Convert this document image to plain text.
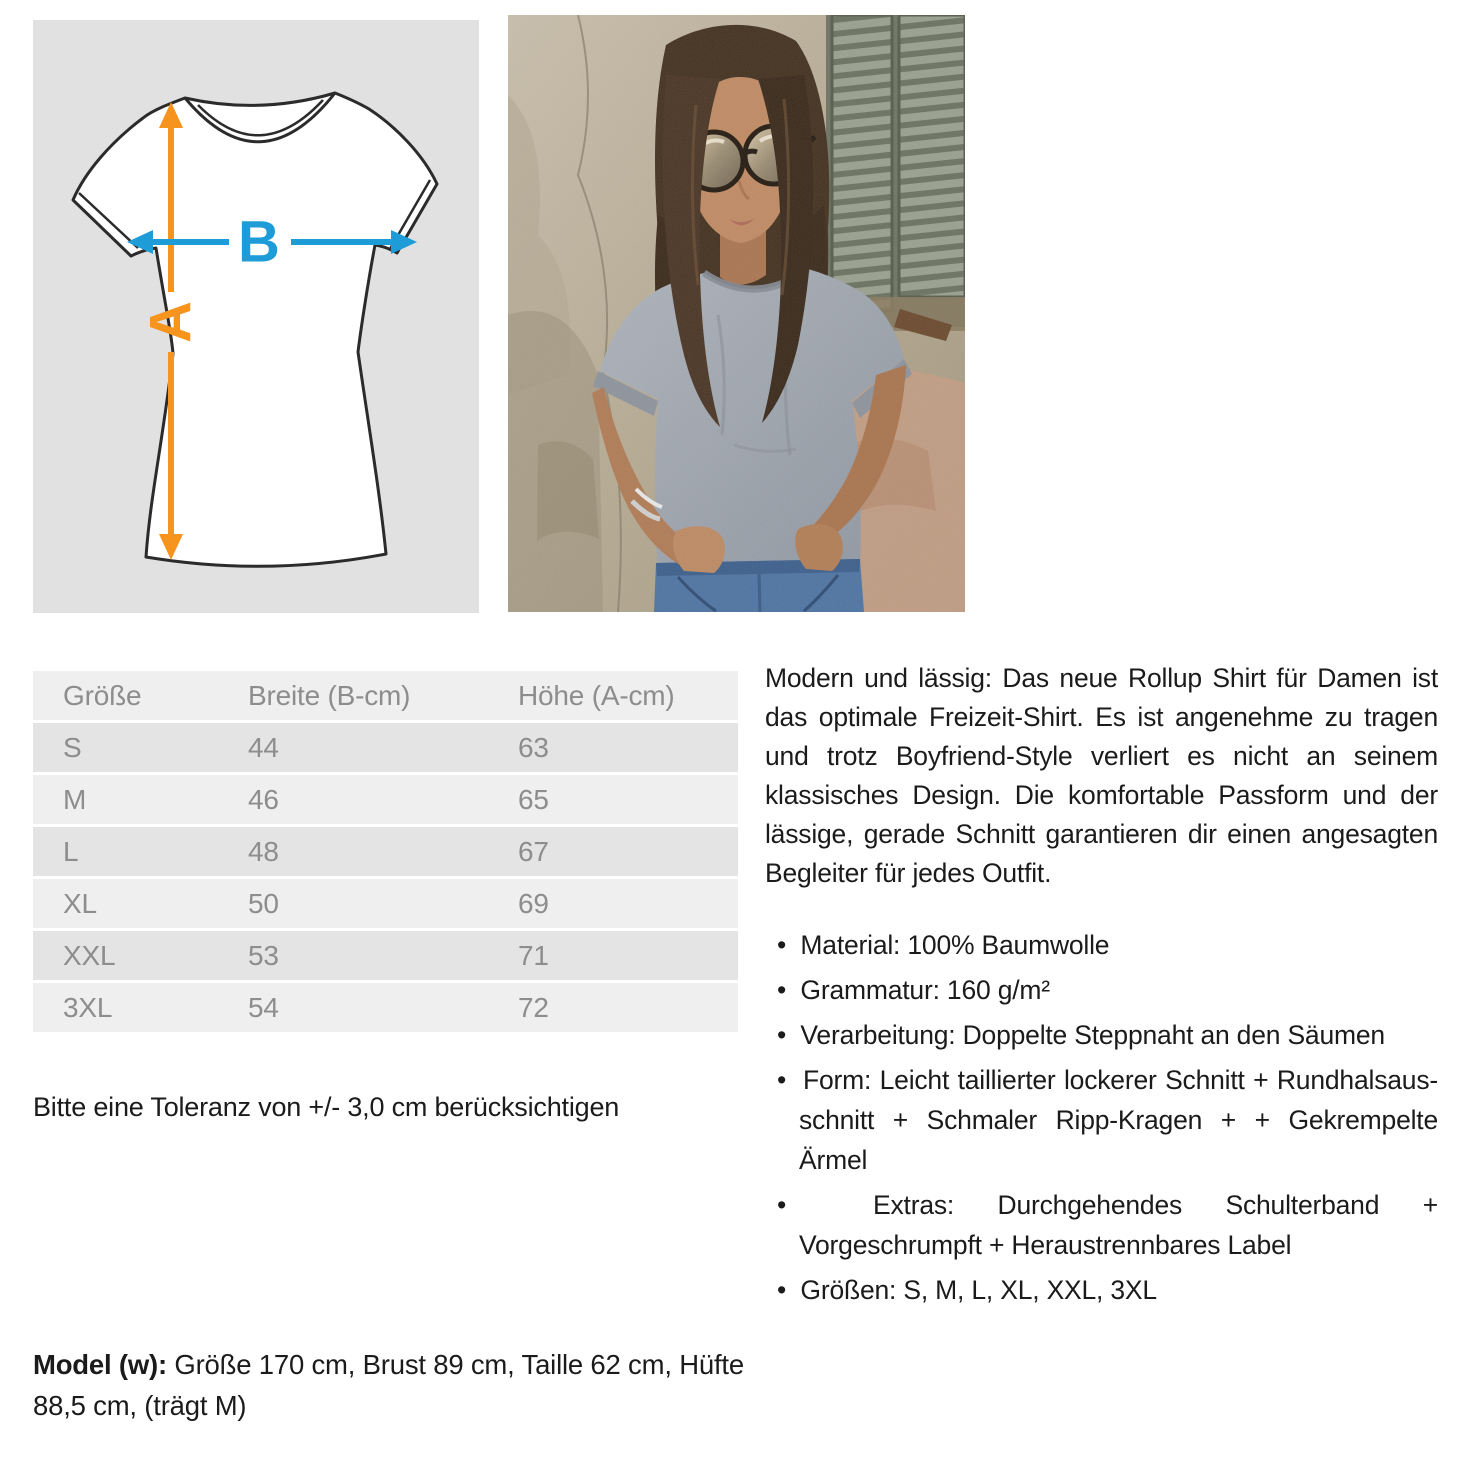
A
B
Größe	Breite (B-cm)	Höhe (A-cm)
S	44	63
M	46	65
L	48	67
XL	50	69
XXL	53	71
3XL	54	72

Bitte eine Toleranz von +/- 3,0 cm berücksichtigen

Modern und lässig: Das neue Rollup Shirt für Damen ist das optimale Freizeit-Shirt. Es ist angenehme zu tragen und trotz Boyfriend-Style verliert es nicht an seinem klassisches Design. Die komfortable Passform und der lässige, gerade Schnitt garantieren dir einen angesagten Begleiter für jedes Outfit.

•  Material: 100% Baumwolle
•  Grammatur: 160 g/m²
•  Verarbeitung: Doppelte Steppnaht an den Säumen
•  Form: Leicht taillierter lockerer Schnitt + Rundhalsaus-schnitt + Schmaler Ripp-Kragen + + Gekrempelte Ärmel
•  Extras: Durchgehendes Schulterband + Vorgeschrumpft + Heraustrennbares Label
•  Größen: S, M, L, XL, XXL, 3XL

Model (w): Größe 170 cm, Brust 89 cm, Taille 62 cm, Hüfte 88,5 cm, (trägt M)
